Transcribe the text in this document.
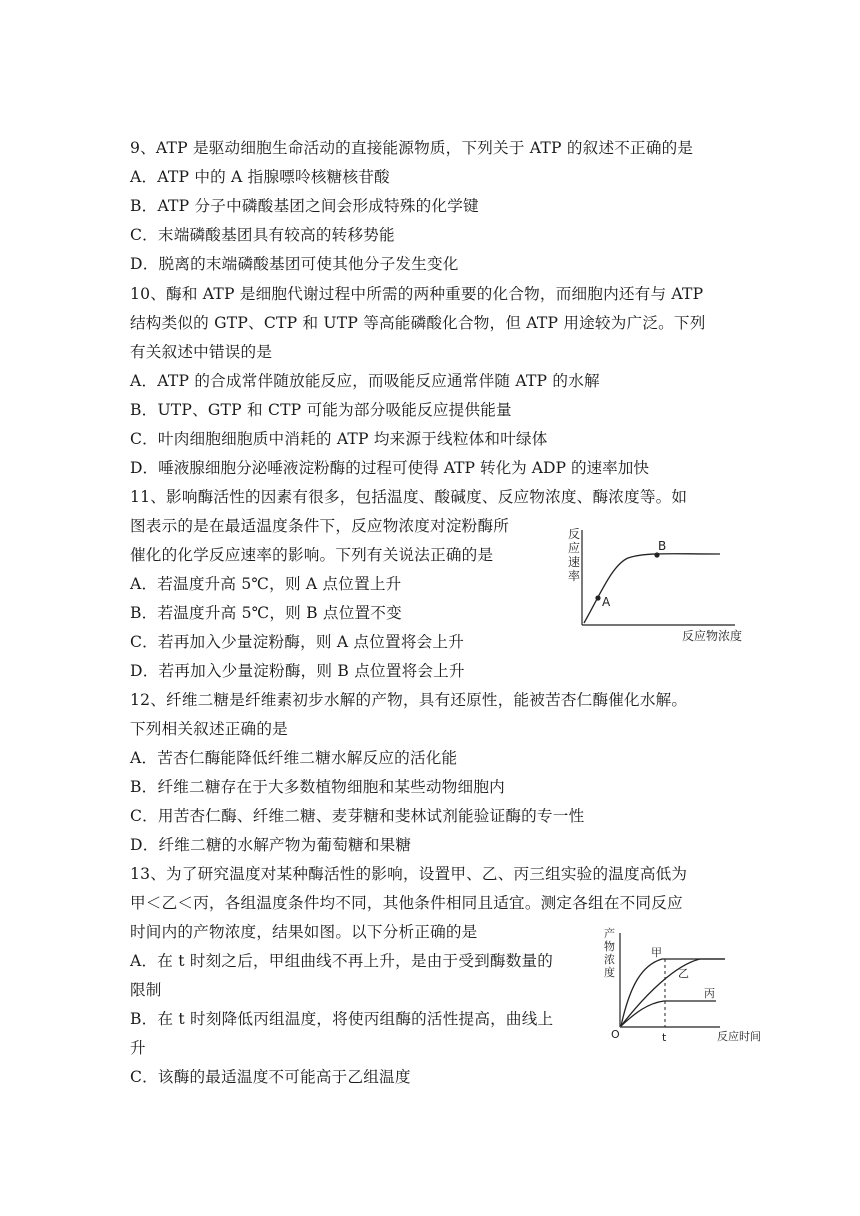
9、ATP 是驱动细胞生命活动的直接能源物质，下列关于 ATP 的叙述不正确的是
A．ATP 中的 A 指腺嘌呤核糖核苷酸
B．ATP 分子中磷酸基团之间会形成特殊的化学键
C．末端磷酸基团具有较高的转移势能
D．脱离的末端磷酸基团可使其他分子发生变化
10、酶和 ATP 是细胞代谢过程中所需的两种重要的化合物，而细胞内还有与 ATP
结构类似的 GTP、CTP 和 UTP 等高能磷酸化合物，但 ATP 用途较为广泛。下列
有关叙述中错误的是
A．ATP 的合成常伴随放能反应，而吸能反应通常伴随 ATP 的水解
B．UTP、GTP 和 CTP 可能为部分吸能反应提供能量
C．叶肉细胞细胞质中消耗的 ATP 均来源于线粒体和叶绿体
D．唾液腺细胞分泌唾液淀粉酶的过程可使得 ATP 转化为 ADP 的速率加快
11、影响酶活性的因素有很多，包括温度、酸碱度、反应物浓度、酶浓度等。如
图表示的是在最适温度条件下，反应物浓度对淀粉酶所
催化的化学反应速率的影响。下列有关说法正确的是
A．若温度升高 5℃，则 A 点位置上升
B．若温度升高 5℃，则 B 点位置不变
C．若再加入少量淀粉酶，则 A 点位置将会上升
D．若再加入少量淀粉酶，则 B 点位置将会上升
反
应
速
率
A
B
反应物浓度
12、纤维二糖是纤维素初步水解的产物，具有还原性，能被苦杏仁酶催化水解。
下列相关叙述正确的是
A．苦杏仁酶能降低纤维二糖水解反应的活化能
B．纤维二糖存在于大多数植物细胞和某些动物细胞内
C．用苦杏仁酶、纤维二糖、麦芽糖和斐林试剂能验证酶的专一性
D．纤维二糖的水解产物为葡萄糖和果糖
13、为了研究温度对某种酶活性的影响，设置甲、乙、丙三组实验的温度高低为
甲＜乙＜丙，各组温度条件均不同，其他条件相同且适宜。测定各组在不同反应
时间内的产物浓度，结果如图。以下分析正确的是
A．在 t 时刻之后，甲组曲线不再上升，是由于受到酶数量的
限制
B．在 t 时刻降低丙组温度，将使丙组酶的活性提高，曲线上
升
C．该酶的最适温度不可能高于乙组温度
产
物
浓
度
甲
乙
丙
O	t	反应时间
